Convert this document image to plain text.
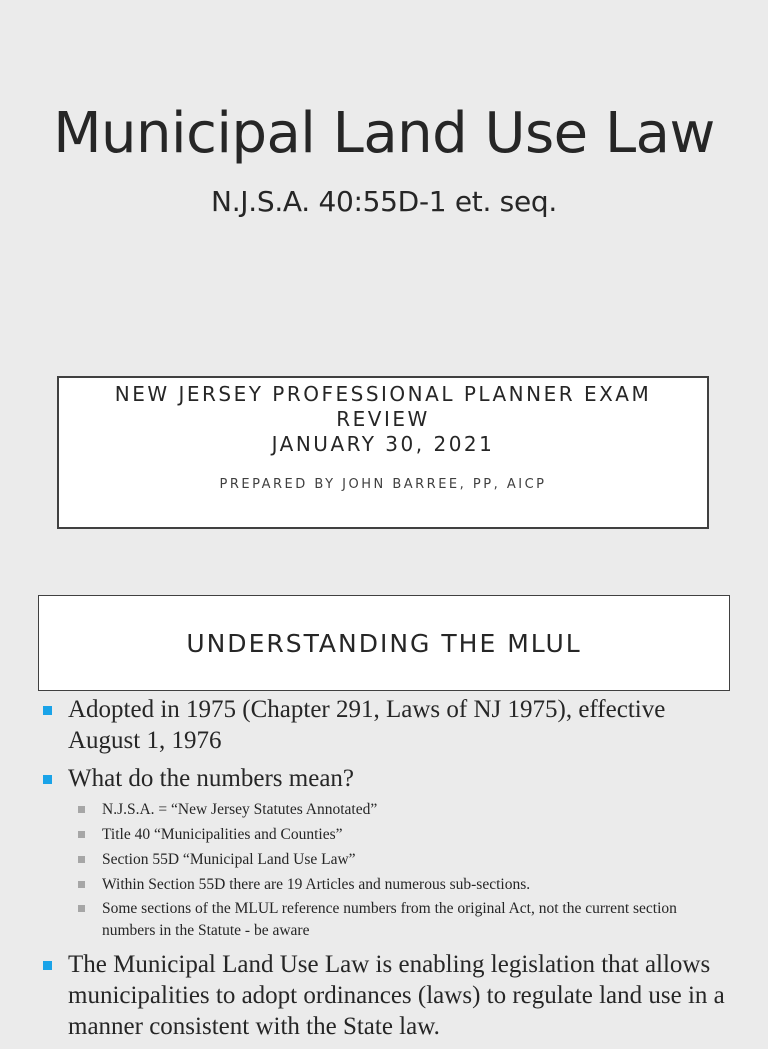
Municipal Land Use Law

N.J.S.A. 40:55D-1 et. seq.

NEW JERSEY PROFESSIONAL PLANNER EXAM
REVIEW
JANUARY 30, 2021
PREPARED BY JOHN BARREE, PP, AICP
UNDERSTANDING THE MLUL
Adopted in 1975 (Chapter 291, Laws of NJ 1975), effective August 1, 1976
What do the numbers mean?
N.J.S.A. = “New Jersey Statutes Annotated”
Title 40 “Municipalities and Counties”
Section 55D “Municipal Land Use Law”
Within Section 55D there are 19 Articles and numerous sub-sections.
Some sections of the MLUL reference numbers from the original Act, not the current section numbers in the Statute - be aware
The Municipal Land Use Law is enabling legislation that allows municipalities to adopt ordinances (laws) to regulate land use in a manner consistent with the State law.
